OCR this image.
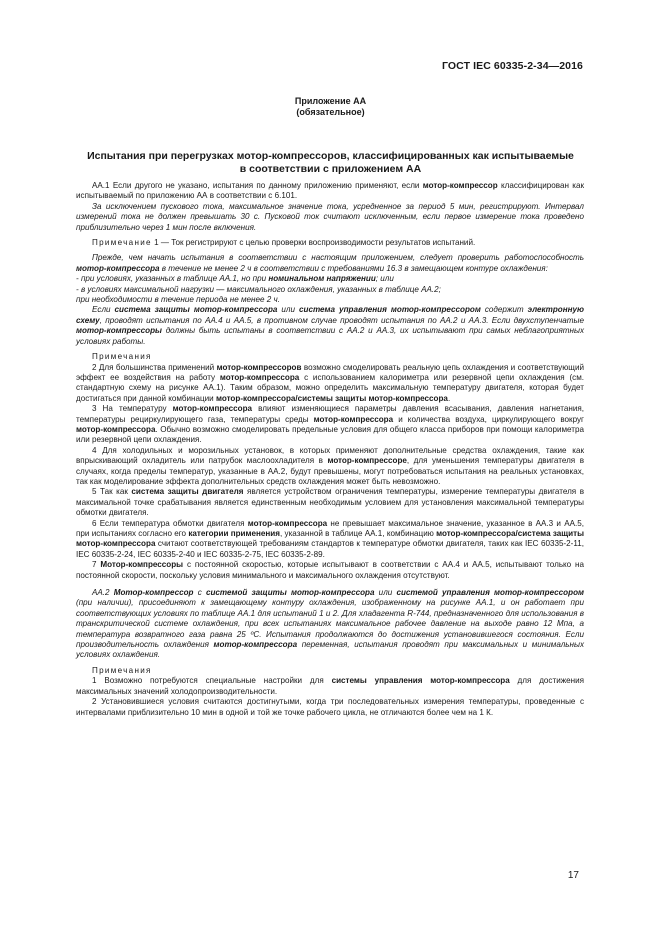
ГОСТ IEC 60335-2-34—2016
Приложение АА
(обязательное)
Испытания при перегрузках мотор-компрессоров, классифицированных как испытываемые
в соответствии с приложением АА

АА.1 Если другого не указано, испытания по данному приложению применяют, если мотор-компрессор классифицирован как испытываемый по приложению АА в соответствии с 6.101.

За исключением пускового тока, максимальное значение тока, усредненное за период 5 мин, регистрируют. Интервал измерений тока не должен превышать 30 с. Пусковой ток считают исключенным, если первое измерение тока проведено приблизительно через 1 мин после включения.

Примечание 1 — Ток регистрируют с целью проверки воспроизводимости результатов испытаний.

Прежде, чем начать испытания в соответствии с настоящим приложением, следует проверить работоспособность мотор-компрессора в течение не менее 2 ч в соответствии с требованиями 16.3 в замещающем контуре охлаждения:

- при условиях, указанных в таблице АА.1, но при номинальном напряжении; или

- в условиях максимальной нагрузки — максимального охлаждения, указанных в таблице АА.2;

при необходимости в течение периода не менее 2 ч.

Если система защиты мотор-компрессора или система управления мотор-компрессором содержит электронную схему, проводят испытания по АА.4 и АА.5, в противном случае проводят испытания по АА.2 и АА.3. Если двухступенчатые мотор-компрессоры должны быть испытаны в соответствии с АА.2 и АА.3, их испытывают при самых неблагоприятных условиях работы.

Примечания

2 Для большинства применений мотор-компрессоров возможно смоделировать реальную цепь охлаждения и соответствующий эффект ее воздействия на работу мотор-компрессора с использованием калориметра или резервной цепи охлаждения (см. стандартную схему на рисунке АА.1). Таким образом, можно определить максимальную температуру двигателя, которая будет достигаться при данной комбинации мотор-компрессора/системы защиты мотор-компрессора.

3 На температуру мотор-компрессора влияют изменяющиеся параметры давления всасывания, давления нагнетания, температуры рециркулирующего газа, температуры среды мотор-компрессора и количества воздуха, циркулирующего вокруг мотор-компрессора. Обычно возможно смоделировать предельные условия для общего класса приборов при помощи калориметра или резервной цепи охлаждения.

4 Для холодильных и морозильных установок, в которых применяют дополнительные средства охлаждения, такие как впрыскивающий охладитель или патрубок маслоохладителя в мотор-компрессоре, для уменьшения температуры двигателя в случаях, когда пределы температур, указанные в АА.2, будут превышены, могут потребоваться испытания на реальных установках, так как моделирование эффекта дополнительных средств охлаждения может быть невозможно.

5 Так как система защиты двигателя является устройством ограничения температуры, измерение температуры двигателя в максимальной точке срабатывания является единственным необходимым условием для установления максимальной температуры обмотки двигателя.

6 Если температура обмотки двигателя мотор-компрессора не превышает максимальное значение, указанное в АА.3 и АА.5, при испытаниях согласно его категории применения, указанной в таблице АА.1, комбинацию мотор-компрессора/системa защиты мотор-компрессора считают соответствующей требованиям стандартов к температуре обмотки двигателя, таких как IEC 60335-2-11, IEC 60335-2-24, IEC 60335-2-40 и IEC 60335-2-75, IEC 60335-2-89.

7 Мотор-компрессоры с постоянной скоростью, которые испытывают в соответствии с АА.4 и АА.5, испытывают только на постоянной скорости, поскольку условия минимального и максимального охлаждения отсутствуют.

АА.2 Мотор-компрессор с системой защиты мотор-компрессора или системой управления мотор-компрессором (при наличии), присоединяют к замещающему контуру охлаждения, изображенному на рисунке АА.1, и он работает при соответствующих условиях по таблице АА.1 для испытаний 1 и 2. Для хладагента R-744, предназначенного для использования в транскритической системе охлаждения, при всех испытаниях максимальное рабочее давление на выходе равно 12 Мпа, а температура возвратного газа равна 25 ºC. Испытания продолжаются до достижения установившегося состояния. Если производительность охлаждения мотор-компрессора переменная, испытания проводят при максимальных и минимальных условиях охлаждения.

Примечания

1 Возможно потребуются специальные настройки для системы управления мотор-компрессора для достижения максимальных значений холодопроизводительности.

2 Установившиеся условия считаются достигнутыми, когда три последовательных измерения температуры, проведенные с интервалами приблизительно 10 мин в одной и той же точке рабочего цикла, не отличаются более чем на 1 К.

17
